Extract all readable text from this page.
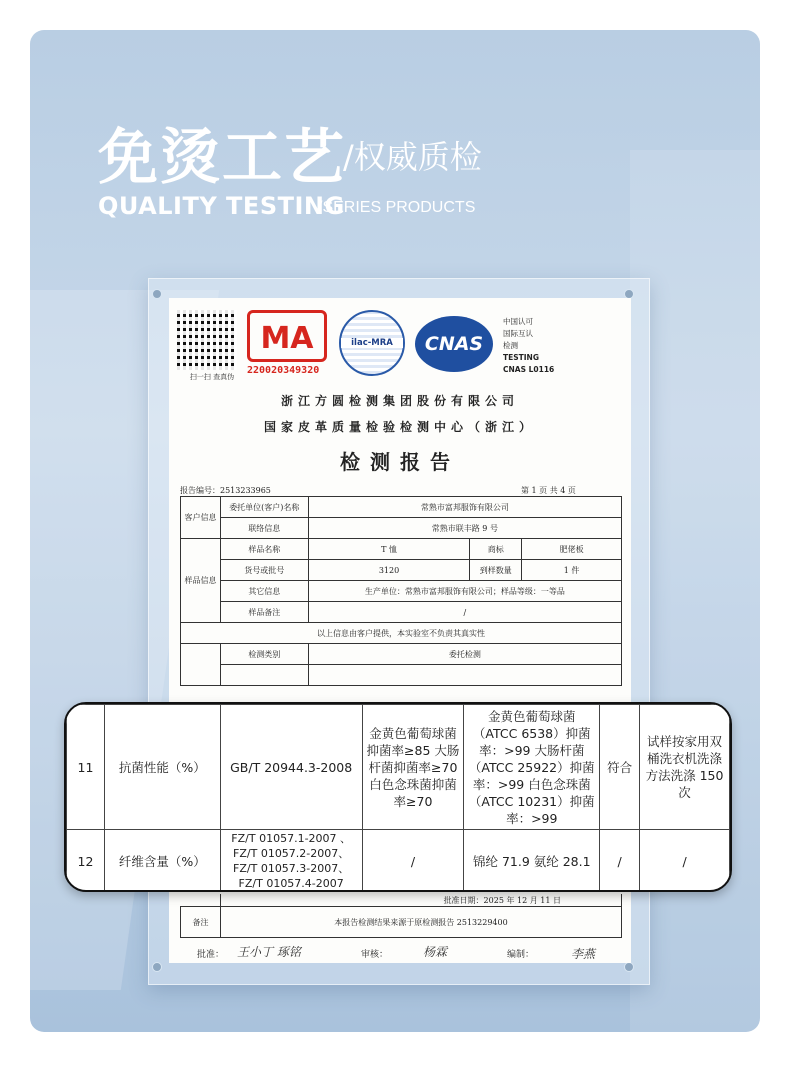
免烫工艺
/权威质检
QUALITY TESTING
/SERIES PRODUCTS
扫一扫 查真伪
MA
220020349320
ilac-MRA	CNAS
中国认可
国际互认
检测
TESTING
CNAS L0116
浙江方圆检测集团股份有限公司
国家皮革质量检验检测中心（浙江）
检测报告
报告编号：2513233965	第 1 页 共 4 页
客户信息	委托单位(客户)名称	常熟市富邦服饰有限公司		
	联络信息	常熟市联丰路 9 号		
样品信息	样品名称	T 恤	商标	肥佬板
	货号或批号	3120	到样数量	1 件
	其它信息	生产单位：常熟市富邦服饰有限公司；样品等级：一等品		
	样品备注	/		
以上信息由客户提供，本实验室不负责其真实性				
	检测类别	委托检测		

	批准日期：2025 年 12 月 11 日
备注	本报告检测结果来源于原检测报告 2513229400
批准： 王小丁 琢铭	审核：	杨霖	编制：	李燕
11	抗菌性能（%）	GB/T 20944.3-2008	金黄色葡萄球菌抑菌率≥85 大肠杆菌抑菌率≥70 白色念珠菌抑菌率≥70	金黄色葡萄球菌（ATCC 6538）抑菌率：>99 大肠杆菌（ATCC 25922）抑菌率：>99 白色念珠菌（ATCC 10231）抑菌率：>99	符合	试样按家用双桶洗衣机洗涤方法洗涤 150 次
12	纤维含量（%）	FZ/T 01057.1-2007 、FZ/T 01057.2-2007、FZ/T 01057.3-2007、FZ/T 01057.4-2007	/	锦纶 71.9 氨纶 28.1	/	/
